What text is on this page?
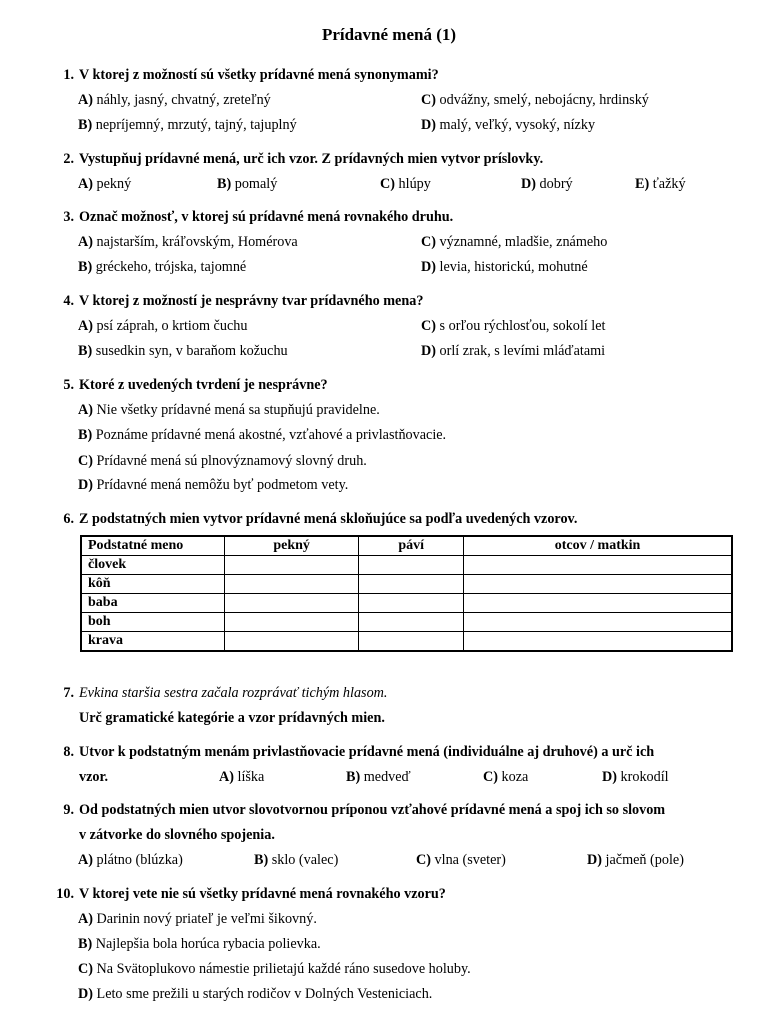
Prídavné mená (1)
1. V ktorej z možností sú všetky prídavné mená synonymami?
A) náhly, jasný, chvatný, zreteľný	C) odvážny, smelý, nebojácny, hrdinský
B) nepríjemný, mrzutý, tajný, tajuplný	D) malý, veľký, vysoký, nízky
2. Vystupňuj prídavné mená, urč ich vzor. Z prídavných mien vytvor príslovky.
A) pekný	B) pomalý	C) hlúpy	D) dobrý	E) ťažký
3. Označ možnosť, v ktorej sú prídavné mená rovnakého druhu.
A) najstarším, kráľovským, Homérova	C) významné, mladšie, známeho
B) gréckeho, trójska, tajomné	D) levia, historickú, mohutné
4. V ktorej z možností je nesprávny tvar prídavného mena?
A) psí záprah, o krtiom čuchu	C) s orľou rýchlosťou, sokolí let
B) susedkin syn, v baraňom kožuchu	D) orlí zrak, s levími mláďatami
5. Ktoré z uvedených tvrdení je nesprávne?
A) Nie všetky prídavné mená sa stupňujú pravidelne.
B) Poznáme prídavné mená akostné, vzťahové a privlastňovacie.
C) Prídavné mená sú plnovýznamový slovný druh.
D) Prídavné mená nemôžu byť podmetom vety.
6. Z podstatných mien vytvor prídavné mená skloňujúce sa podľa uvedených vzorov.
Podstatné meno	pekný	páví	otcov / matkin
človek			
kôň			
baba			
boh			
krava			
7. Evkina staršia sestra začala rozprávať tichým hlasom.
Urč gramatické kategórie a vzor prídavných mien.
8. Utvor k podstatným menám privlastňovacie prídavné mená (individuálne aj druhové) a urč ich
vzor.	A) líška	B) medveď	C) koza	D) krokodíl
9. Od podstatných mien utvor slovotvornou príponou vzťahové prídavné mená a spoj ich so slovom
v zátvorke do slovného spojenia.
A) plátno (blúzka)	B) sklo (valec)	C) vlna (sveter)	D) jačmeň (pole)
10. V ktorej vete nie sú všetky prídavné mená rovnakého vzoru?
A) Darinin nový priateľ je veľmi šikovný.
B) Najlepšia bola horúca rybacia polievka.
C) Na Svätoplukovo námestie prilietajú každé ráno susedove holuby.
D) Leto sme prežili u starých rodičov v Dolných Vesteniciach.
